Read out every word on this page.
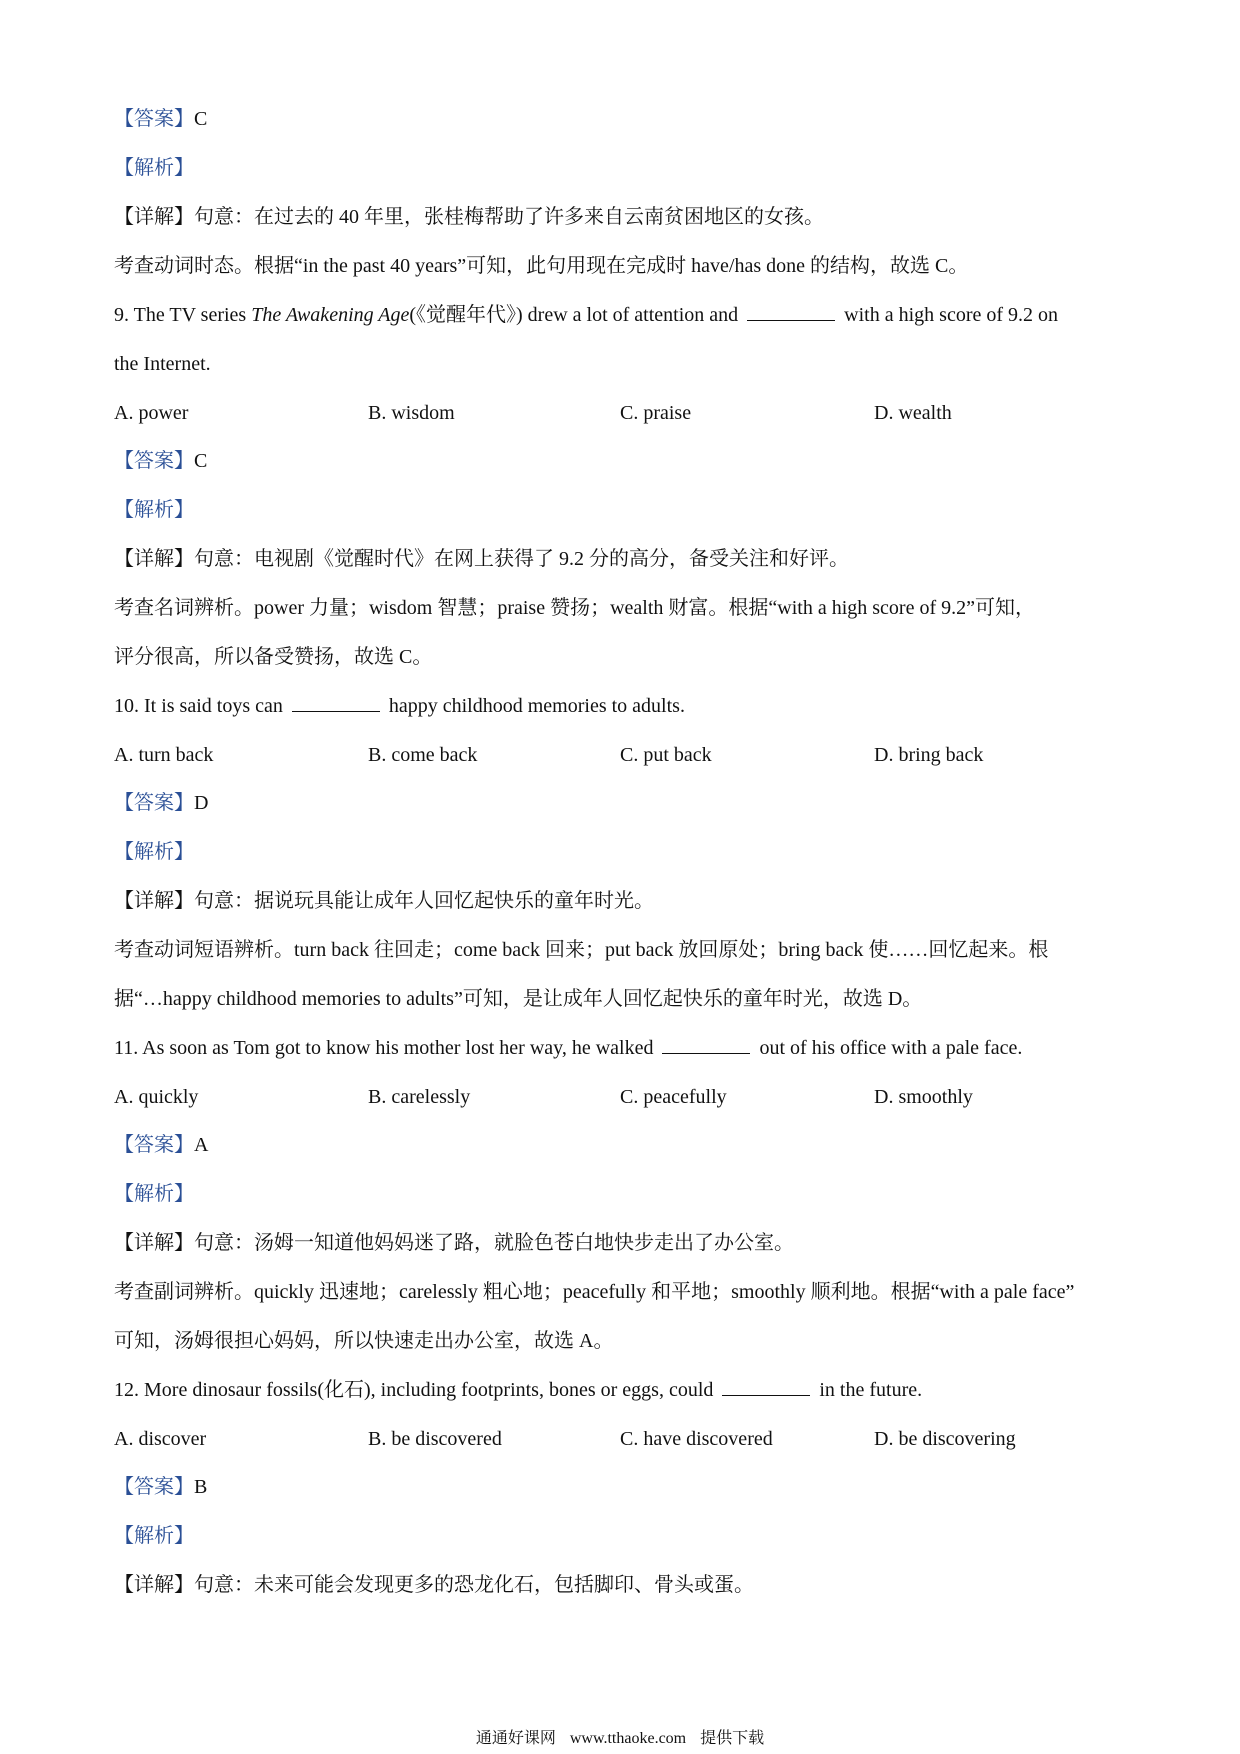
【答案】C
【解析】
【详解】句意：在过去的 40 年里，张桂梅帮助了许多来自云南贫困地区的女孩。
考查动词时态。根据“in the past 40 years”可知，此句用现在完成时 have/has done 的结构，故选 C。
9. The TV series The Awakening Age(《觉醒年代》) drew a lot of attention and	with a high score of 9.2 on
the Internet.
A. power	B. wisdom	C. praise	D. wealth
【答案】C
【解析】
【详解】句意：电视剧《觉醒时代》在网上获得了 9.2 分的高分，备受关注和好评。
考查名词辨析。power 力量；wisdom 智慧；praise 赞扬；wealth 财富。根据“with a high score of 9.2”可知，
评分很高，所以备受赞扬，故选 C。
10. It is said toys can	happy childhood memories to adults.
A. turn back	B. come back	C. put back	D. bring back
【答案】D
【解析】
【详解】句意：据说玩具能让成年人回忆起快乐的童年时光。
考查动词短语辨析。turn back 往回走；come back 回来；put back 放回原处；bring back 使……回忆起来。根
据“…happy childhood memories to adults”可知，是让成年人回忆起快乐的童年时光，故选 D。
11. As soon as Tom got to know his mother lost her way, he walked	out of his office with a pale face.
A. quickly	B. carelessly	C. peacefully	D. smoothly
【答案】A
【解析】
【详解】句意：汤姆一知道他妈妈迷了路，就脸色苍白地快步走出了办公室。
考查副词辨析。quickly 迅速地；carelessly 粗心地；peacefully 和平地；smoothly 顺利地。根据“with a pale face”
可知，汤姆很担心妈妈，所以快速走出办公室，故选 A。
12. More dinosaur fossils(化石), including footprints, bones or eggs, could	in the future.
A. discover	B. be discovered	C. have discovered	D. be discovering
【答案】B
【解析】
【详解】句意：未来可能会发现更多的恐龙化石，包括脚印、骨头或蛋。
通通好课网 www.tthaoke.com 提供下载
